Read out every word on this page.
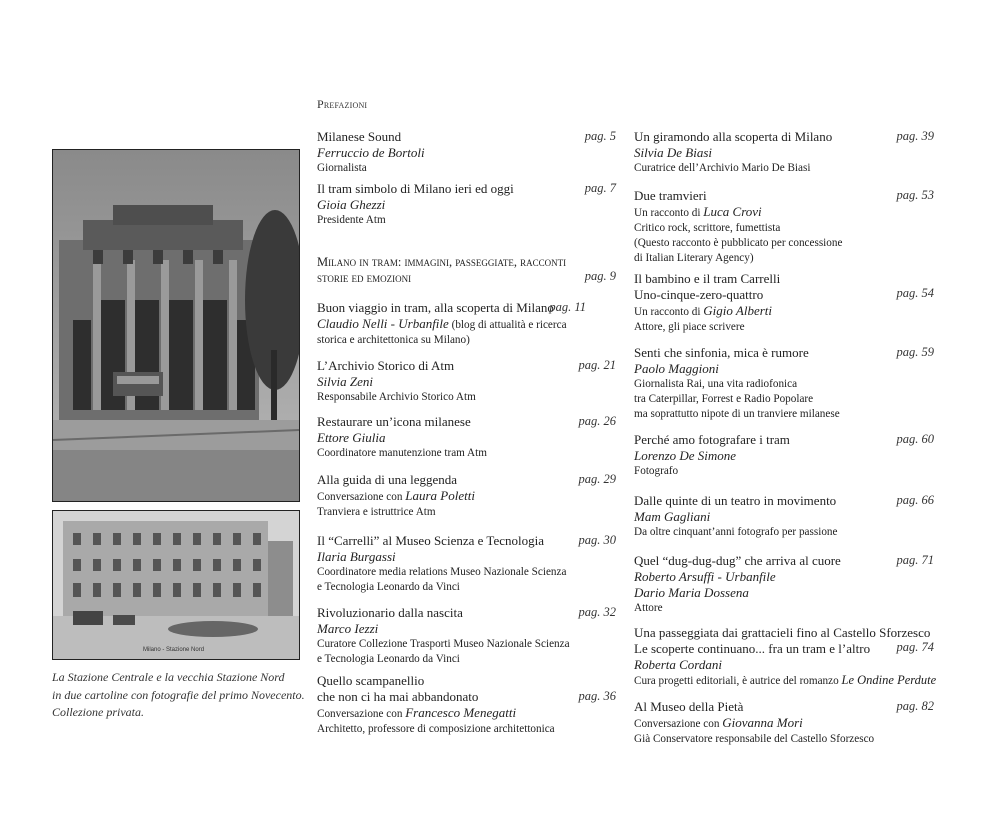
Milano - Stazione Nord
La Stazione Centrale e la vecchia Stazione Nord
in due cartoline con fotografie del primo Novecento.
Collezione privata.
Prefazioni
Milanese Sound
Ferruccio de Bortoli
Giornalista
pag. 5
Il tram simbolo di Milano ieri ed oggi
Gioia Ghezzi
Presidente Atm
pag. 7
Milano in tram: immagini, passeggiate, racconti
storie ed emozioni	pag. 9
Buon viaggio in tram, alla scoperta di Milano
Claudio Nelli - Urbanfile (blog di attualità e ricerca
storica e architettonica su Milano)
pag. 11
L’Archivio Storico di Atm
Silvia Zeni
Responsabile Archivio Storico Atm
pag. 21
Restaurare un’icona milanese
Ettore Giulia
Coordinatore manutenzione tram Atm
pag. 26
Alla guida di una leggenda
Conversazione con Laura Poletti
Tranviera e istruttrice Atm
pag. 29
Il “Carrelli” al Museo Scienza e Tecnologia
Ilaria Burgassi
Coordinatore media relations Museo Nazionale Scienza
e Tecnologia Leonardo da Vinci
pag. 30
Rivoluzionario dalla nascita
Marco Iezzi
Curatore Collezione Trasporti Museo Nazionale Scienza
e Tecnologia Leonardo da Vinci
pag. 32
Quello scampanellio
che non ci ha mai abbandonato
Conversazione con Francesco Menegatti
Architetto, professore di composizione architettonica
pag. 36
Un giramondo alla scoperta di Milano
Silvia De Biasi
Curatrice dell’Archivio Mario De Biasi
pag. 39
Due tramvieri
Un racconto di Luca Crovi
Critico rock, scrittore, fumettista
(Questo racconto è pubblicato per concessione
di Italian Literary Agency)
pag. 53
Il bambino e il tram Carrelli
Uno-cinque-zero-quattro
Un racconto di Gigio Alberti
Attore, gli piace scrivere
pag. 54
Senti che sinfonia, mica è rumore
Paolo Maggioni
Giornalista Rai, una vita radiofonica
tra Caterpillar, Forrest e Radio Popolare
ma soprattutto nipote di un tranviere milanese
pag. 59
Perché amo fotografare i tram
Lorenzo De Simone
Fotografo
pag. 60
Dalle quinte di un teatro in movimento
Mam Gagliani
Da oltre cinquant’anni fotografo per passione
pag. 66
Quel “dug-dug-dug” che arriva al cuore
Roberto Arsuffi - Urbanfile
Dario Maria Dossena
Attore
pag. 71
Una passeggiata dai grattacieli fino al Castello Sforzesco
Le scoperte continuano... fra un tram e l’altro
Roberta Cordani
Cura progetti editoriali, è autrice del romanzo Le Ondine Perdute
pag. 74
Al Museo della Pietà
Conversazione con Giovanna Mori
Già Conservatore responsabile del Castello Sforzesco
pag. 82
